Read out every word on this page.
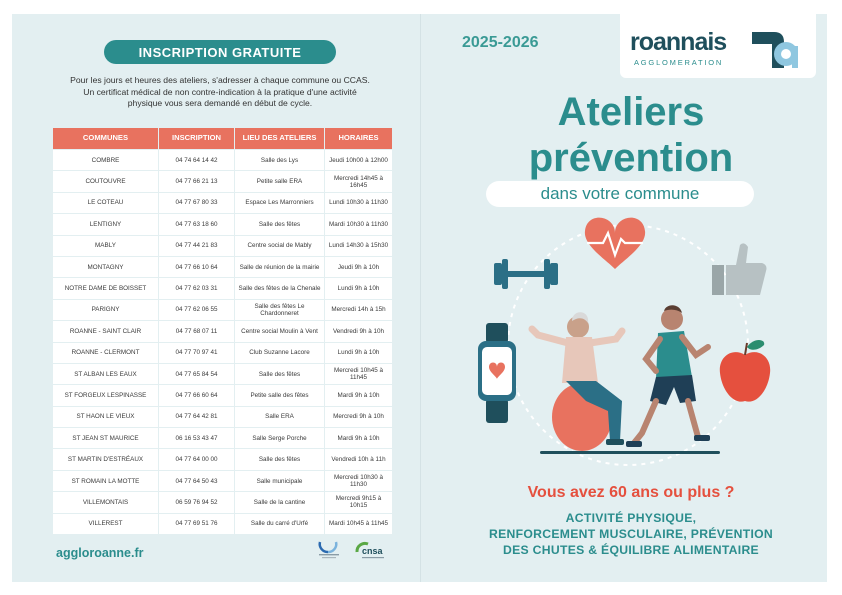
INSCRIPTION GRATUITE
Pour les jours et heures des ateliers, s'adresser à chaque commune ou CCAS.
Un certificat médical de non contre-indication à la pratique d'une activité
physique vous sera demandé en début de cycle.
COMMUNES	INSCRIPTION	LIEU DES ATELIERS	HORAIRES
COMBRE	04 74 64 14 42	Salle des Lys	Jeudi 10h00 à 12h00
COUTOUVRE	04 77 66 21 13	Petite salle ERA	Mercredi 14h45 à 16h45
LE COTEAU	04 77 67 80 33	Espace Les Marronniers	Lundi 10h30 à 11h30
LENTIGNY	04 77 63 18 60	Salle des fêtes	Mardi 10h30 à 11h30
MABLY	04 77 44 21 83	Centre social de Mably	Lundi 14h30 à 15h30
MONTAGNY	04 77 66 10 64	Salle de réunion de la mairie	Jeudi 9h à 10h
NOTRE DAME DE BOISSET	04 77 62 03 31	Salle des fêtes de la Chenale	Lundi 9h à 10h
PARIGNY	04 77 62 06 55	Salle des fêtes Le Chardonneret	Mercredi 14h à 15h
ROANNE - SAINT CLAIR	04 77 68 07 11	Centre social Moulin à Vent	Vendredi 9h à 10h
ROANNE - CLERMONT	04 77 70 97 41	Club Suzanne Lacore	Lundi 9h à 10h
ST ALBAN LES EAUX	04 77 65 84 54	Salle des fêtes	Mercredi 10h45 à 11h45
ST FORGEUX LESPINASSE	04 77 66 60 64	Petite salle des fêtes	Mardi 9h à 10h
ST HAON LE VIEUX	04 77 64 42 81	Salle ERA	Mercredi 9h à 10h
ST JEAN ST MAURICE	06 16 53 43 47	Salle Serge Porche	Mardi 9h à 10h
ST MARTIN D'ESTRÉAUX	04 77 64 00 00	Salle des fêtes	Vendredi 10h à 11h
ST ROMAIN LA MOTTE	04 77 64 50 43	Salle municipale	Mercredi 10h30 à 11h30
VILLEMONTAIS	06 59 76 94 52	Salle de la cantine	Mercredi 9h15 à 10h15
VILLEREST	04 77 69 51 76	Salle du carré d'Urfé	Mardi 10h45 à 11h45
aggloroanne.fr	cnsa
2025-2026	roannais
AGGLOMERATION
Ateliers
prévention
dans votre commune
Vous avez 60 ans ou plus ?
ACTIVITÉ PHYSIQUE,
RENFORCEMENT MUSCULAIRE, PRÉVENTION
DES CHUTES & ÉQUILIBRE ALIMENTAIRE
